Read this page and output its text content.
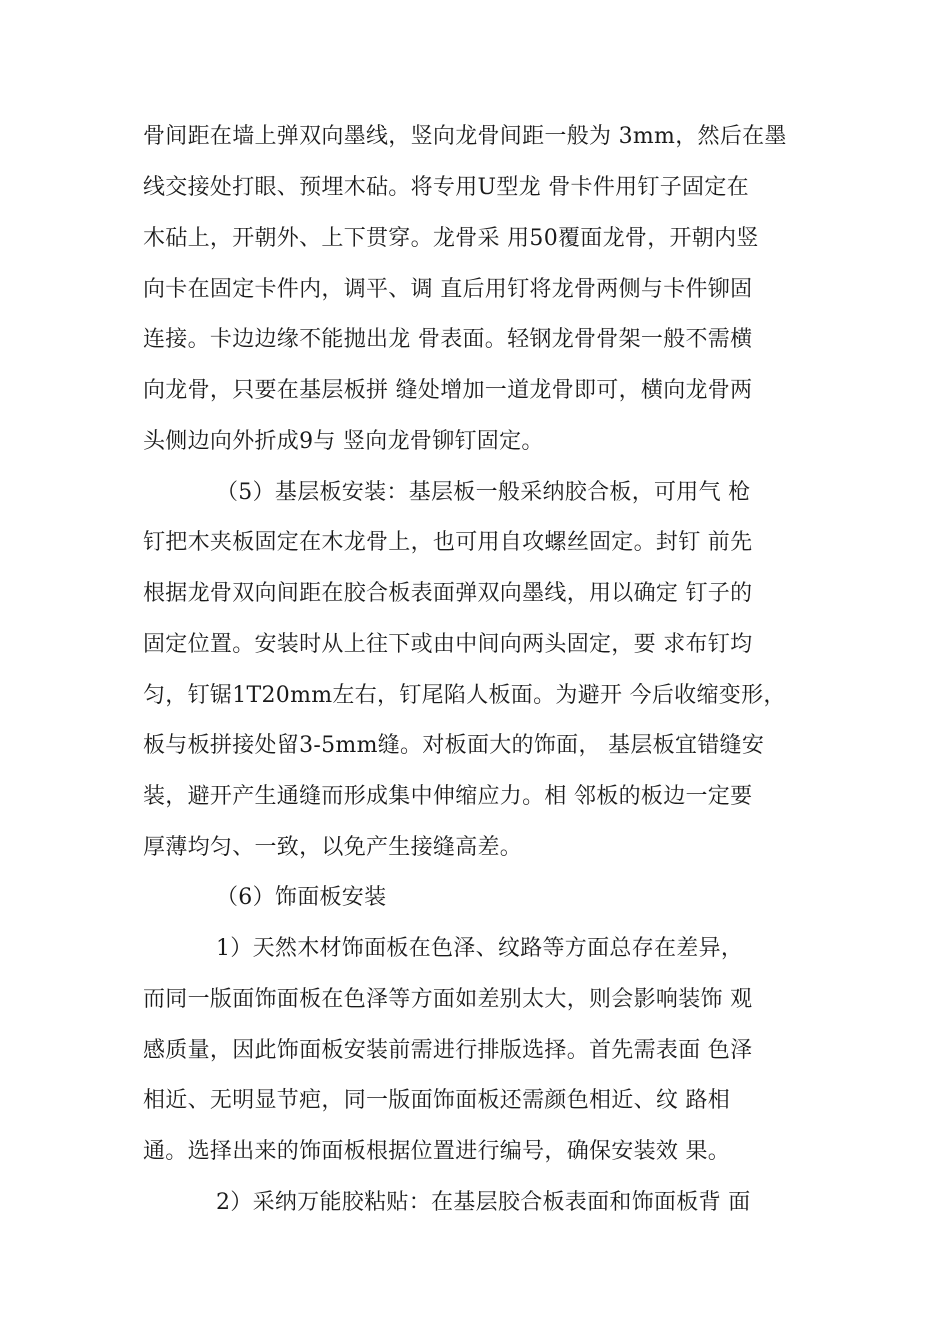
骨间距在墙上弹双向墨线，竖向龙骨间距一般为 3mm，然后在墨

线交接处打眼、预埋木砧。将专用U型龙 骨卡件用钉子固定在

木砧上，开朝外、上下贯穿。龙骨采 用50覆面龙骨，开朝内竖

向卡在固定卡件内，调平、调 直后用钉将龙骨两侧与卡件铆固

连接。卡边边缘不能抛出龙 骨表面。轻钢龙骨骨架一般不需横

向龙骨，只要在基层板拼 缝处增加一道龙骨即可，横向龙骨两

头侧边向外折成9与 竖向龙骨铆钉固定。

（5）基层板安装：基层板一般采纳胶合板，可用气 枪

钉把木夹板固定在木龙骨上，也可用自攻螺丝固定。封钉 前先

根据龙骨双向间距在胶合板表面弹双向墨线，用以确定 钉子的

固定位置。安装时从上往下或由中间向两头固定，要 求布钉均

匀，钉锯1T20mm左右，钉尾陷人板面。为避开 今后收缩变形，

板与板拼接处留3-5mm缝。对板面大的饰面， 基层板宜错缝安

装，避开产生通缝而形成集中伸缩应力。相 邻板的板边一定要

厚薄均匀、一致，以免产生接缝高差。

（6）饰面板安装

1）天然木材饰面板在色泽、纹路等方面总存在差异，

而同一版面饰面板在色泽等方面如差别太大，则会影响装饰 观

感质量，因此饰面板安装前需进行排版选择。首先需表面 色泽

相近、无明显节疤，同一版面饰面板还需颜色相近、纹 路相

通。选择出来的饰面板根据位置进行编号，确保安装效 果。

2）采纳万能胶粘贴：在基层胶合板表面和饰面板背 面
